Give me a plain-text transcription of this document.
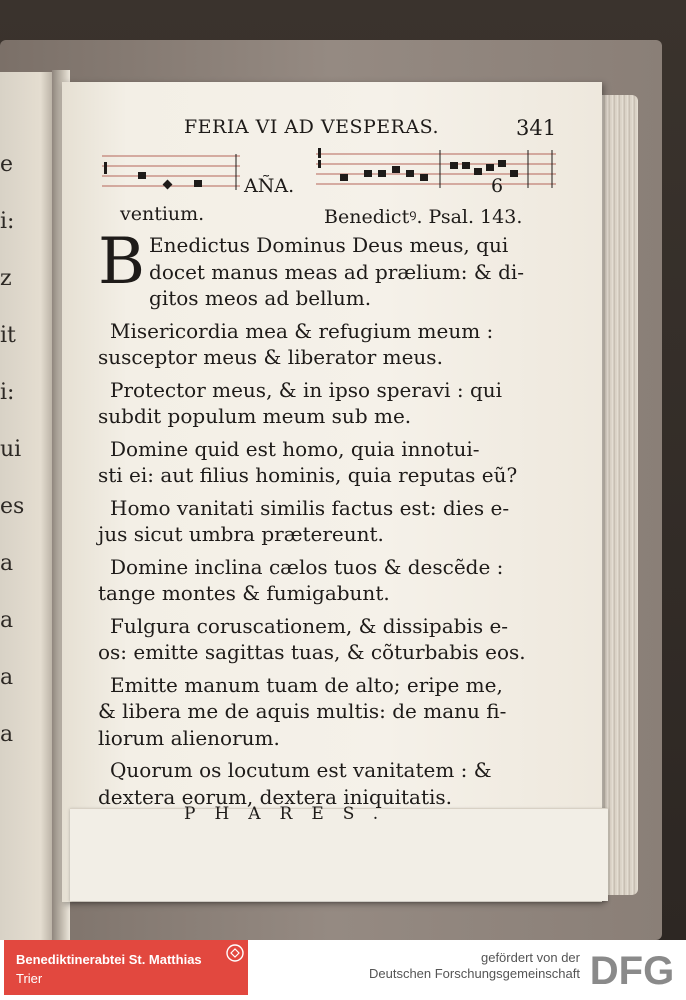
e
i:
z
it
i:
ui
es
a
a
a
a
FERIA VI AD VESPERAS.	341
AÑA.	6
ventium.	Benedictꝰ. Psal. 143.
B Enedictus Dominus Deus meus, qui
docet manus meas ad prælium: & di-
gitos meos ad bellum.
Misericordia mea & refugium meum :
susceptor meus & liberator meus.
Protector meus, & in ipso speravi : qui
subdit populum meum sub me.
Domine quid est homo, quia innotui-
sti ei: aut filius hominis, quia reputas eũ?
Homo vanitati similis factus est: dies e-
jus sicut umbra prætereunt.
Domine inclina cælos tuos & descẽde :
tange montes & fumigabunt.
Fulgura coruscationem, & dissipabis e-
os: emitte sagittas tuas, & cõturbabis eos.
Emitte manum tuam de alto; eripe me,
& libera me de aquis multis: de manu fi-
liorum alienorum.
Quorum os locutum est vanitatem : &
dextera eorum, dextera iniquitatis.
PHARES.
Benediktinerabtei St. Matthias
Trier
gefördert von der
Deutschen Forschungsgemeinschaft DFG
